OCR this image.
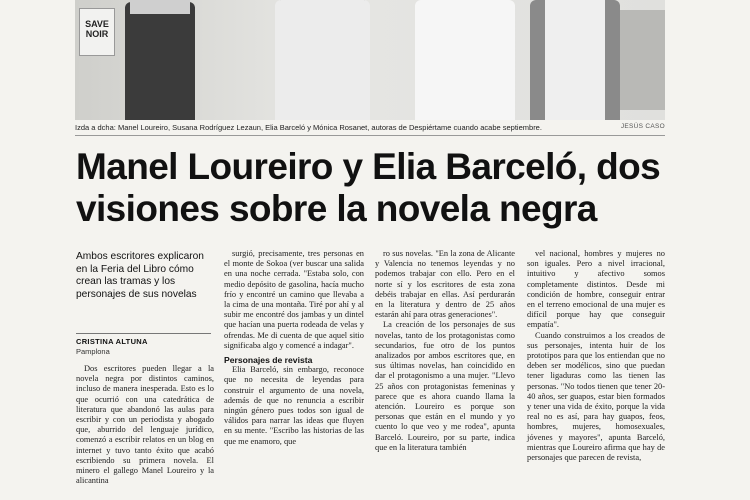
SAVE NOIR
Izda a dcha: Manel Loureiro, Susana Rodríguez Lezaun, Elia Barceló y Mónica Rosanet, autoras de Despiértame cuando acabe septiembre.	JESÚS CASO
Manel Loureiro y Elia Barceló, dos visiones sobre la novela negra

Ambos escritores explicaron en la Feria del Libro cómo crean las tramas y los personajes de sus novelas

CRISTINA ALTUNA
Pamplona

Dos escritores pueden llegar a la novela negra por distintos caminos, incluso de manera inesperada. Esto es lo que ocurrió con una catedrática de literatura que abandonó las aulas para escribir y con un periodista y abogado que, aburrido del lenguaje jurídico, comenzó a escribir relatos en un blog en internet y tuvo tanto éxito que acabó escribiendo su primera novela. El minero el gallego Manel Loureiro y la alicantina

surgió, precisamente, tres personas en el monte de Sokoa (ver buscar una salida en una noche cerrada. "Estaba solo, con medio depósito de gasolina, hacía mucho frío y encontré un camino que llevaba a la cima de una montaña. Tiré por ahí y al subir me encontré dos jambas y un dintel que hacían una puerta rodeada de velas y ofrendas. Me di cuenta de que aquel sitio significaba algo y comencé a indagar".

Personajes de revista

Elia Barceló, sin embargo, reconoce que no necesita de leyendas para construir el argumento de una novela, además de que no renuncia a escribir ningún género pues todos son igual de válidos para narrar las ideas que fluyen en su mente. "Escribo las historias de las que me enamoro, que

ro sus novelas. "En la zona de Alicante y Valencia no tenemos leyendas y no podemos trabajar con ello. Pero en el norte sí y los escritores de esta zona debéis trabajar en ellas. Así perdurarán en la literatura y dentro de 25 años estarán ahí para otras generaciones".

La creación de los personajes de sus novelas, tanto de los protagonistas como secundarios, fue otro de los puntos analizados por ambos escritores que, en sus últimas novelas, han coincidido en dar el protagonismo a una mujer. "Llevo 25 años con protagonistas femeninas y parece que es ahora cuando llama la atención. Loureiro es porque son personas que están en el mundo y yo cuento lo que veo y me rodea", apunta Barceló. Loureiro, por su parte, indica que en la literatura también

vel nacional, hombres y mujeres no son iguales. Pero a nivel irracional, intuitivo y afectivo somos completamente distintos. Desde mi condición de hombre, conseguir entrar en el terreno emocional de una mujer es difícil porque hay que conseguir empatía".

Cuando construimos a los creados de sus personajes, intenta huir de los prototipos para que los entiendan que no deben ser modélicos, sino que puedan tener ligaduras como las tienen las personas. "No todos tienen que tener 20-40 años, ser guapos, estar bien formados y tener una vida de éxito, porque la vida real no es así, para hay guapos, feos, hombres, mujeres, homosexuales, jóvenes y mayores", apunta Barceló, mientras que Loureiro afirma que hay de personajes que parecen de revista,
